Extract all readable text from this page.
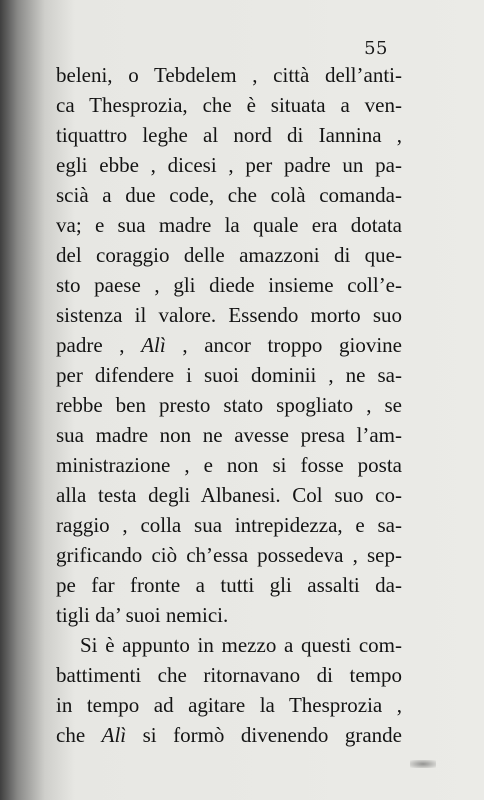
55
beleni, o Tebdelem , città dell’anti-
ca Thesprozia, che è situata a ven-
tiquattro leghe al nord di Iannina ,
egli ebbe , dicesi , per padre un pa-
scià a due code, che colà comanda-
va; e sua madre la quale era dotata
del coraggio delle amazzoni di que-
sto paese , gli diede insieme coll’e-
sistenza il valore. Essendo morto suo
padre , Alì , ancor troppo giovine
per difendere i suoi dominii , ne sa-
rebbe ben presto stato spogliato , se
sua madre non ne avesse presa l’am-
ministrazione , e non si fosse posta
alla testa degli Albanesi. Col suo co-
raggio , colla sua intrepidezza, e sa-
grificando ciò ch’essa possedeva , sep-
pe far fronte a tutti gli assalti da-
tigli da’ suoi nemici.
Si è appunto in mezzo a questi com-
battimenti che ritornavano di tempo
in tempo ad agitare la Thesprozia ,
che Alì si formò divenendo grande
